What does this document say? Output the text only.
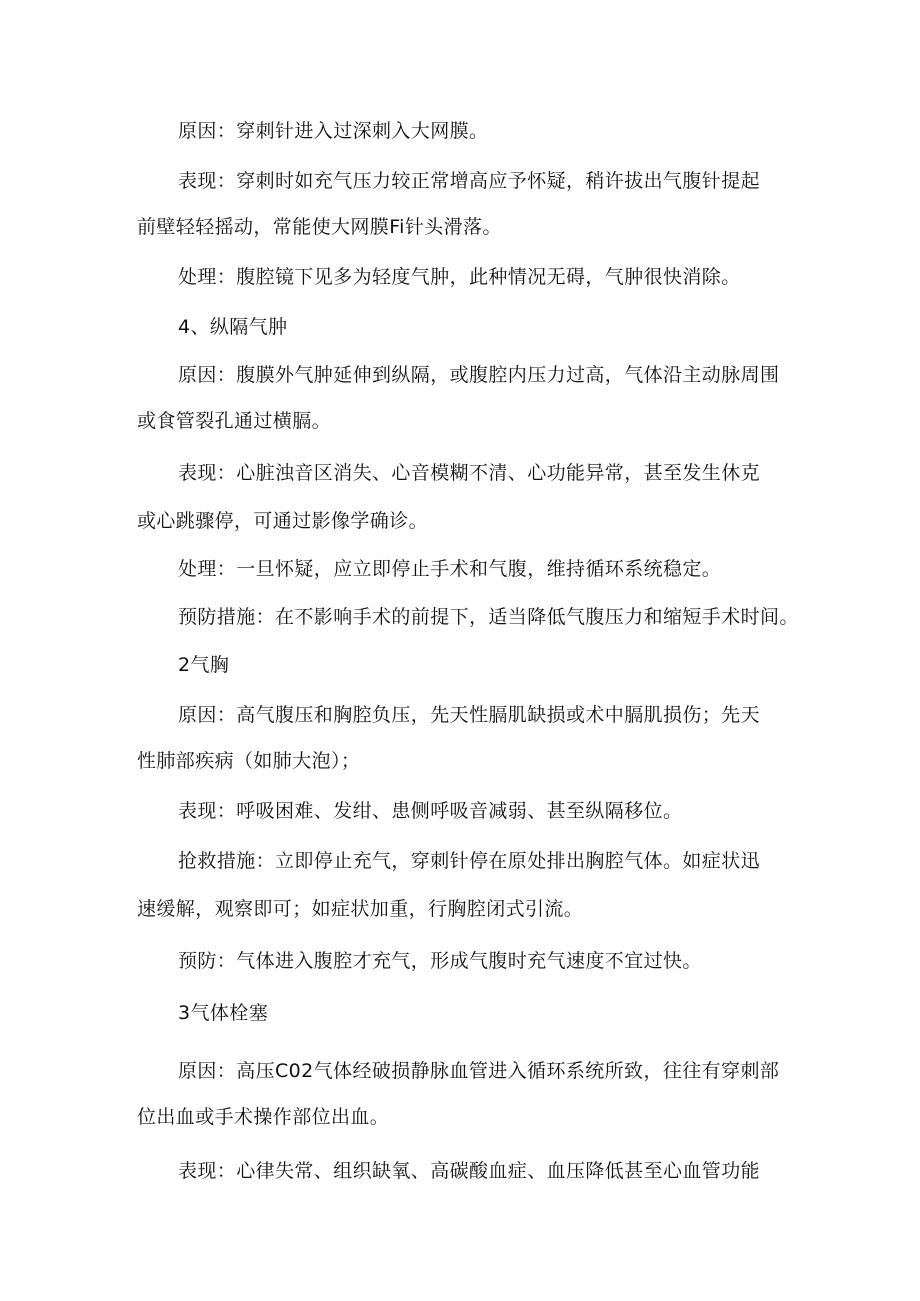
原因：穿刺针进入过深刺入大网膜。
表现：穿刺时如充气压力较正常增高应予怀疑，稍许拔出气腹针提起
前壁轻轻摇动，常能使大网膜Fi针头滑落。
处理：腹腔镜下见多为轻度气肿，此种情况无碍，气肿很快消除。
4、纵隔气肿
原因：腹膜外气肿延伸到纵隔，或腹腔内压力过高，气体沿主动脉周围
或食管裂孔通过横膈。
表现：心脏浊音区消失、心音模糊不清、心功能异常，甚至发生休克
或心跳骤停，可通过影像学确诊。
处理：一旦怀疑，应立即停止手术和气腹，维持循环系统稳定。
预防措施：在不影响手术的前提下，适当降低气腹压力和缩短手术时间。
2气胸
原因：高气腹压和胸腔负压，先天性膈肌缺损或术中膈肌损伤；先天
性肺部疾病（如肺大泡）；
表现：呼吸困难、发绀、患侧呼吸音减弱、甚至纵隔移位。
抢救措施：立即停止充气，穿刺针停在原处排出胸腔气体。如症状迅
速缓解，观察即可；如症状加重，行胸腔闭式引流。
预防：气体进入腹腔才充气，形成气腹时充气速度不宜过快。
3气体栓塞
原因：高压C02气体经破损静脉血管进入循环系统所致，往往有穿刺部
位出血或手术操作部位出血。
表现：心律失常、组织缺氧、高碳酸血症、血压降低甚至心血管功能
